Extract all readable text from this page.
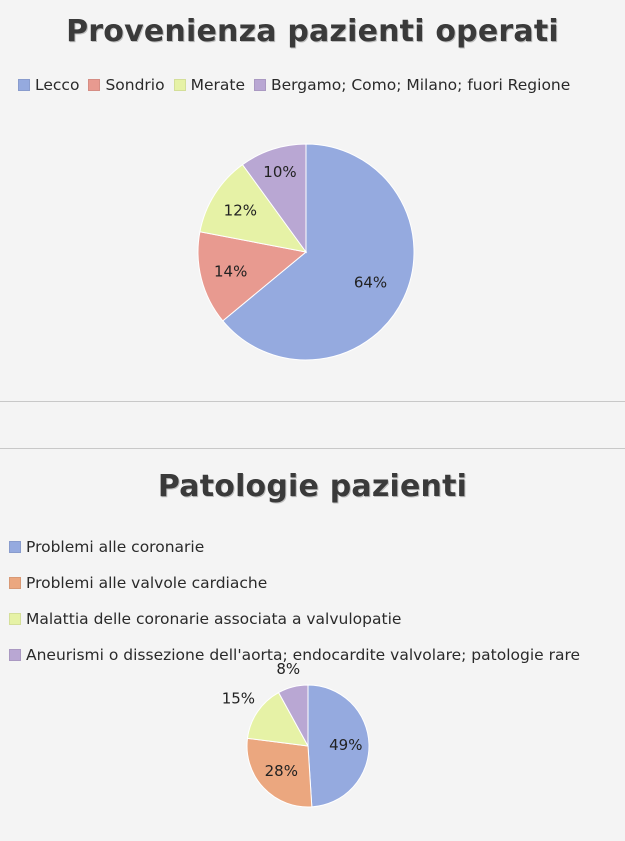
Provenienza pazienti operati
Lecco Sondrio Merate Bergamo; Como; Milano; fuori Regione
64%
14%
12%
10%
Patologie pazienti
Problemi alle coronarie
Problemi alle valvole cardiache
Malattia delle coronarie associata a valvulopatie
Aneurismi o dissezione dell'aorta; endocardite valvolare; patologie rare
49%
28%
15%
8%
